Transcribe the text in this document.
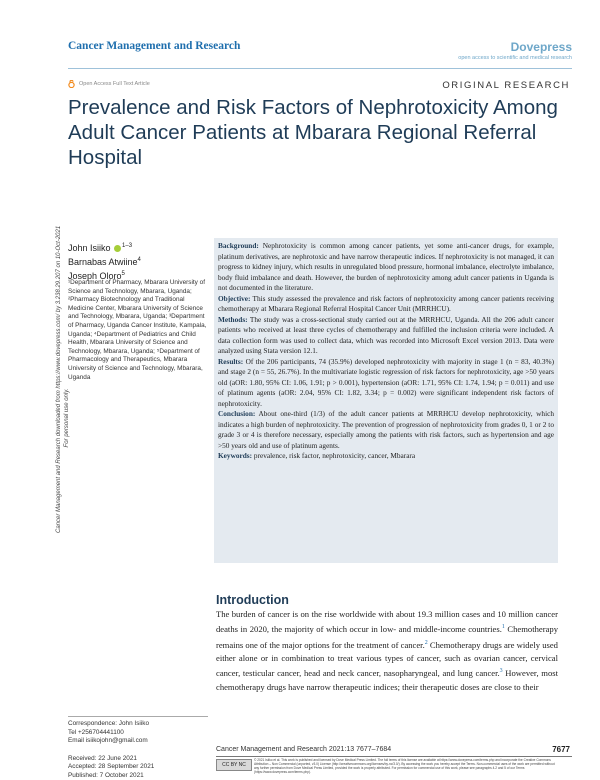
Cancer Management and Research	Dovepress
open access to scientific and medical research
Open Access Full Text Article	ORIGINAL RESEARCH
Prevalence and Risk Factors of Nephrotoxicity Among Adult Cancer Patients at Mbarara Regional Referral Hospital
Cancer Management and Research downloaded from https://www.dovepress.com/ by 3.238.29.207 on 10-Oct-2021 For personal use only.
John Isiiko $^{1-3}$
Barnabas Atwiine$^4$
Joseph Oloro$^5$
¹Department of Pharmacy, Mbarara University of Science and Technology, Mbarara, Uganda; ²Pharmacy Biotechnology and Traditional Medicine Center, Mbarara University of Science and Technology, Mbarara, Uganda; ³Department of Pharmacy, Uganda Cancer Institute, Kampala, Uganda; ⁴Department of Pediatrics and Child Health, Mbarara University of Science and Technology, Mbarara, Uganda; ⁵Department of Pharmacology and Therapeutics, Mbarara University of Science and Technology, Mbarara, Uganda

Background: Nephrotoxicity is common among cancer patients, yet some anti-cancer drugs, for example, platinum derivatives, are nephrotoxic and have narrow therapeutic indices. If nephrotoxicity is not managed, it can progress to kidney injury, which results in unregulated blood pressure, hormonal imbalance, electrolyte imbalance, body fluid imbalance and death. However, the burden of nephrotoxicity among adult cancer patients in Uganda is not documented in the literature.

Objective: This study assessed the prevalence and risk factors of nephrotoxicity among cancer patients receiving chemotherapy at Mbarara Regional Referral Hospital Cancer Unit (MRRHCU).

Methods: The study was a cross-sectional study carried out at the MRRHCU, Uganda. All the 206 adult cancer patients who received at least three cycles of chemotherapy and fulfilled the inclusion criteria were included. A data collection form was used to collect data, which was recorded into Microsoft Excel version 2013. Data were analyzed using Stata version 12.1.

Results: Of the 206 participants, 74 (35.9%) developed nephrotoxicity with majority in stage 1 (n = 83, 40.3%) and stage 2 (n = 55, 26.7%). In the multivariate logistic regression of risk factors for nephrotoxicity, age >50 years old (aOR: 1.80, 95% CI: 1.06, 1.91; p > 0.001), hypertension (aOR: 1.71, 95% CI: 1.74, 1.94; p = 0.011) and use of platinum agents (aOR: 2.04, 95% CI: 1.82, 3.34; p = 0.002) were significant independent risk factors of nephrotoxicity.

Conclusion: About one-third (1/3) of the adult cancer patients at MRRHCU develop nephrotoxicity, which indicates a high burden of nephrotoxicity. The prevention of progression of nephrotoxicity from grades 0, 1 or 2 to grade 3 or 4 is therefore necessary, especially among the patients with risk factors, such as hypertension and age >50 years old and use of platinum agents.

Keywords: prevalence, risk factor, nephrotoxicity, cancer, Mbarara

Introduction

The burden of cancer is on the rise worldwide with about 19.3 million cases and 10 million cancer deaths in 2020, the majority of which occur in low- and middle-income countries.$^1$ Chemotherapy remains one of the major options for the treatment of cancer.$^2$ Chemotherapy drugs are widely used either alone or in combination to treat various types of cancer, such as ovarian cancer, cervical cancer, testicular cancer, head and neck cancer, nasopharyngeal, and lung cancer.$^3$ However, most chemotherapy drugs have narrow therapeutic indices; their therapeutic doses are close to their

Correspondence: John Isiiko
Tel +256704441100
Email isiikojohn@gmail.com
Received: 22 June 2021
Accepted: 28 September 2021
Published: 7 October 2021
Cancer Management and Research 2021:13 7677–7684	7677
CC BY NC
© 2021 Isiiko et al. This work is published and licensed by Dove Medical Press Limited. The full terms of this license are available at https://www.dovepress.com/terms.php and incorporate the Creative Commons Attribution – Non Commercial (unported, v3.0) License (http://creativecommons.org/licenses/by-nc/3.0/). By accessing the work you hereby accept the Terms. Non-commercial uses of the work are permitted without any further permission from Dove Medical Press Limited, provided the work is properly attributed. For permission for commercial use of this work, please see paragraphs 4.2 and 5 of our Terms (https://www.dovepress.com/terms.php).
